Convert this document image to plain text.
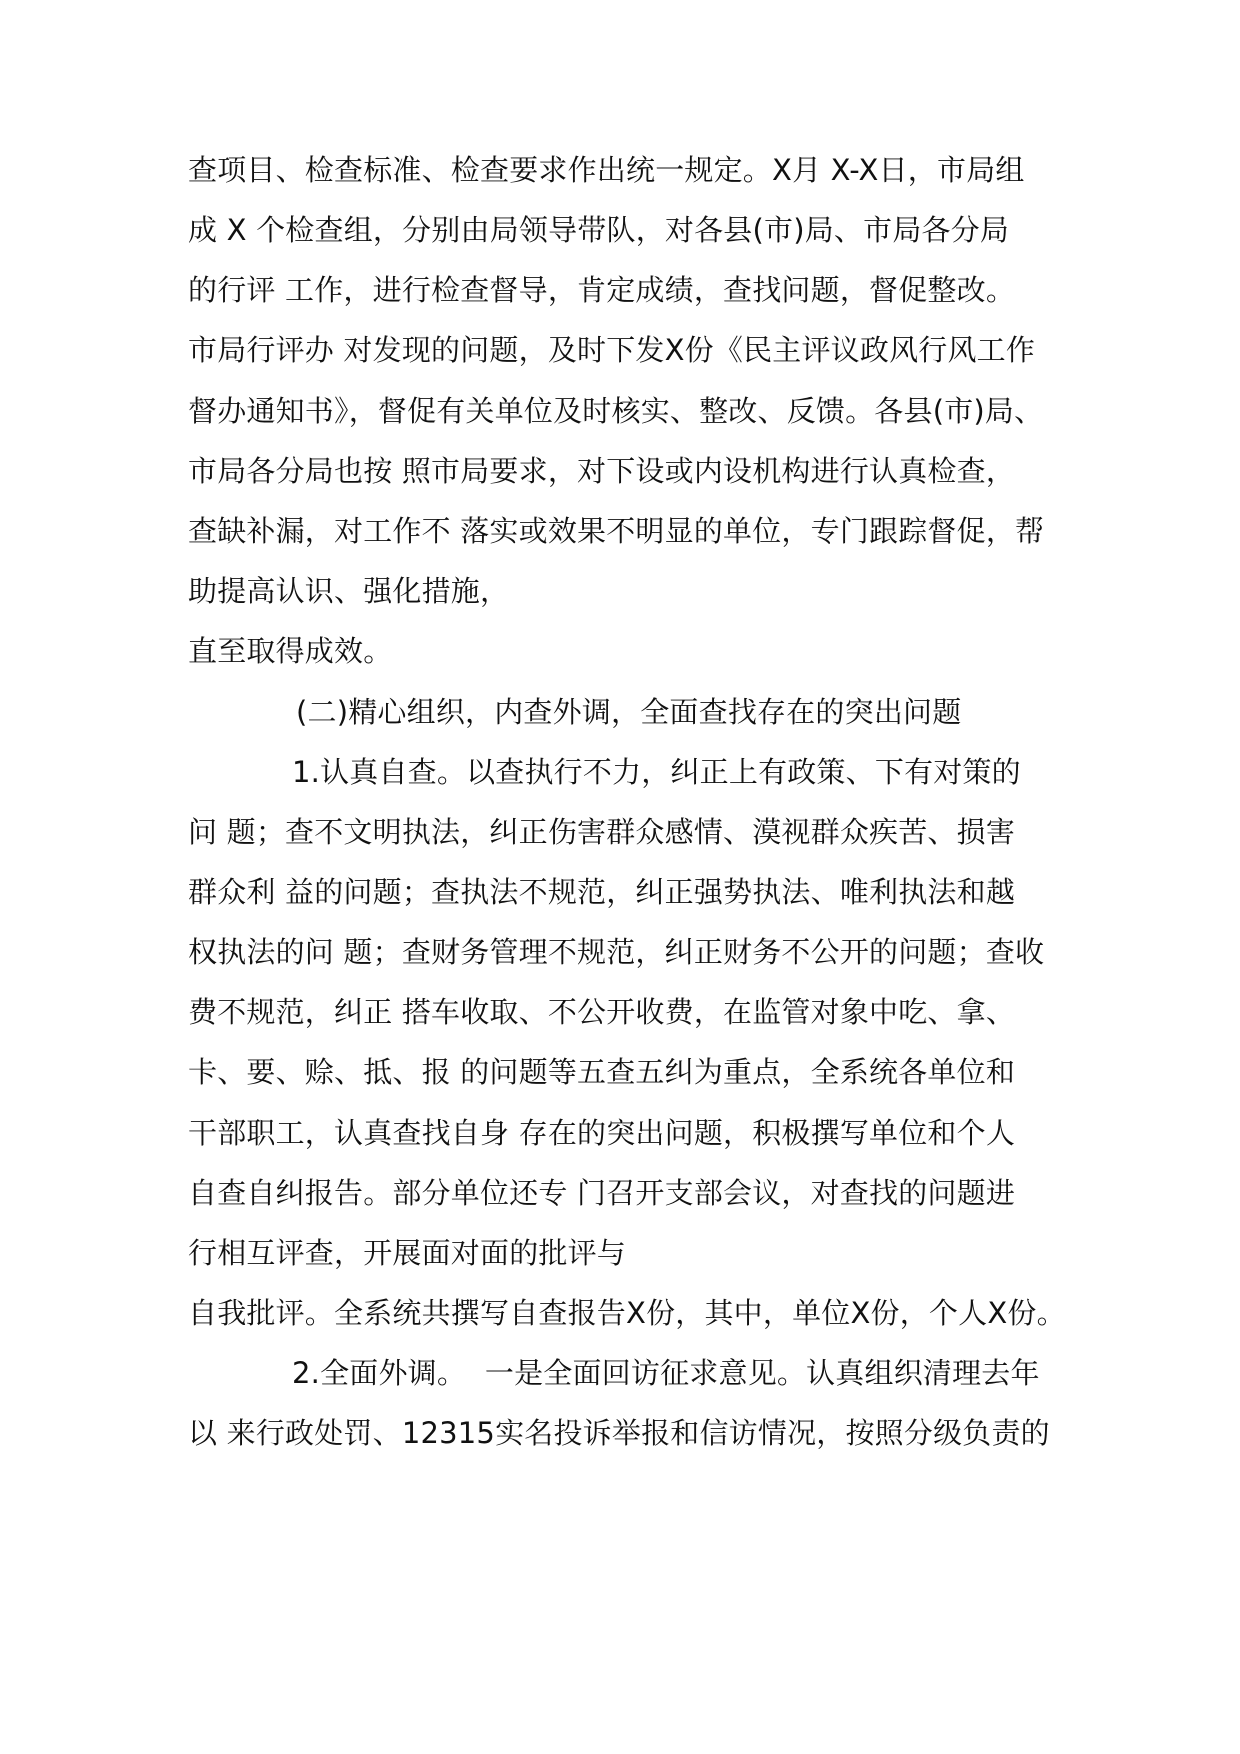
查项目、检查标准、检查要求作出统一规定。X月 X-X日，市局组
成 X 个检查组，分别由局领导带队，对各县(市)局、市局各分局
的行评 工作，进行检查督导，肯定成绩，查找问题，督促整改。
市局行评办 对发现的问题，及时下发X份《民主评议政风行风工作
督办通知书》，督促有关单位及时核实、整改、反馈。各县(市)局、
市局各分局也按 照市局要求，对下设或内设机构进行认真检查，
查缺补漏，对工作不 落实或效果不明显的单位，专门跟踪督促，帮
助提高认识、强化措施，
直至取得成效。
(二)精心组织，内查外调，全面查找存在的突出问题
1.认真自查。以查执行不力，纠正上有政策、下有对策的
问 题；查不文明执法，纠正伤害群众感情、漠视群众疾苦、损害
群众利 益的问题；查执法不规范，纠正强势执法、唯利执法和越
权执法的问 题；查财务管理不规范，纠正财务不公开的问题；查收
费不规范，纠正 搭车收取、不公开收费，在监管对象中吃、拿、
卡、要、赊、抵、报 的问题等五查五纠为重点，全系统各单位和
干部职工，认真查找自身 存在的突出问题，积极撰写单位和个人
自查自纠报告。部分单位还专 门召开支部会议，对查找的问题进
行相互评查，开展面对面的批评与
自我批评。全系统共撰写自查报告X份，其中，单位X份，个人X份。
2.全面外调。  一是全面回访征求意见。认真组织清理去年
以 来行政处罚、12315实名投诉举报和信访情况，按照分级负责的
